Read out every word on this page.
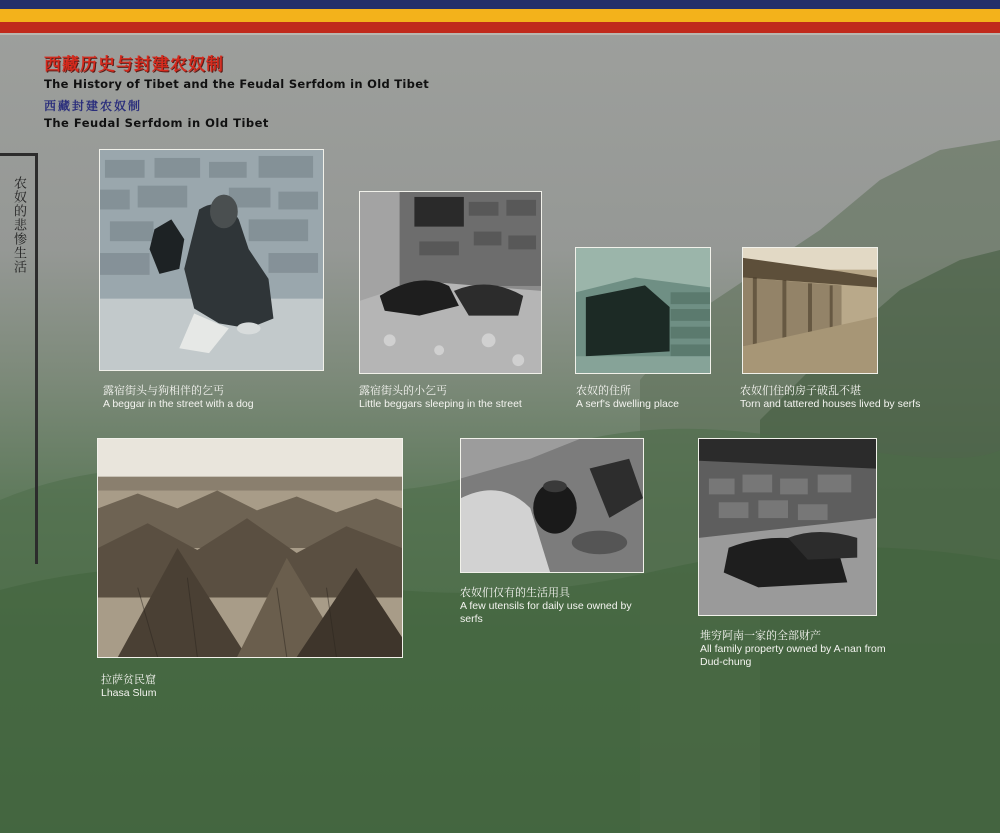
西藏历史与封建农奴制

The History of Tibet and the Feudal Serfdom in Old Tibet

西藏封建农奴制

The Feudal Serfdom in Old Tibet

农奴的悲惨生活
露宿街头与狗相伴的乞丐
A beggar in the street with a dog
露宿街头的小乞丐
Little beggars sleeping in the street
农奴的住所
A serf's dwelling place
农奴们住的房子破乱不堪
Torn and tattered houses lived by serfs
拉萨贫民窟
Lhasa Slum
农奴们仅有的生活用具
A few utensils for daily use owned by serfs
堆穷阿南一家的全部财产
All family property owned by A-nan from Dud-chung
